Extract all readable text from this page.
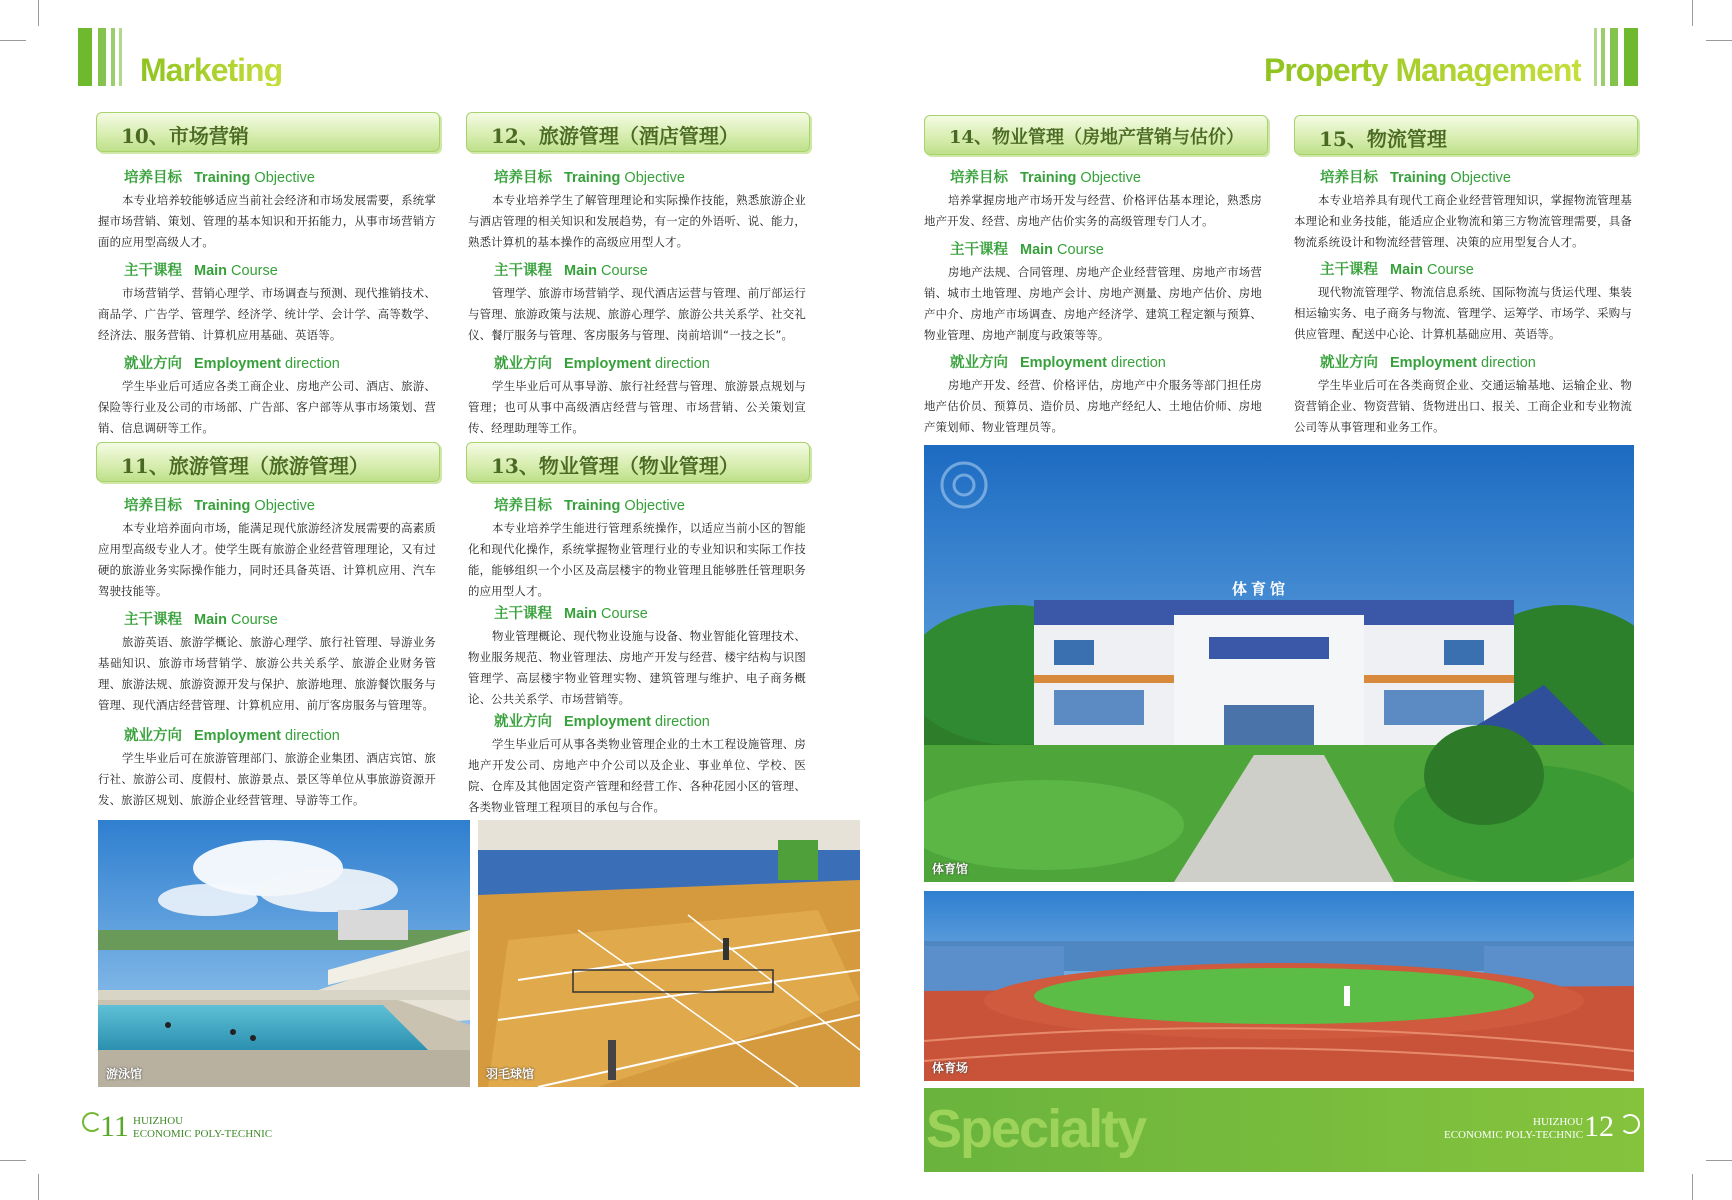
Marketing
10、市场营销
培养目标 Training Objective
本专业培养较能够适应当前社会经济和市场发展需要，系统掌握市场营销、策划、管理的基本知识和开拓能力，从事市场营销方面的应用型高级人才。
主干课程 Main Course
市场营销学、营销心理学、市场调查与预测、现代推销技术、商品学、广告学、管理学、经济学、统计学、会计学、高等数学、经济法、服务营销、计算机应用基础、英语等。
就业方向 Employment direction
学生毕业后可适应各类工商企业、房地产公司、酒店、旅游、保险等行业及公司的市场部、广告部、客户部等从事市场策划、营销、信息调研等工作。
12、旅游管理（酒店管理）
培养目标 Training Objective
本专业培养学生了解管理理论和实际操作技能，熟悉旅游企业与酒店管理的相关知识和发展趋势，有一定的外语听、说、能力，熟悉计算机的基本操作的高级应用型人才。
主干课程 Main Course
管理学、旅游市场营销学、现代酒店运营与管理、前厅部运行与管理、旅游政策与法规、旅游心理学、旅游公共关系学、社交礼仪、餐厅服务与管理、客房服务与管理、岗前培训“一技之长”。
就业方向 Employment direction
学生毕业后可从事导游、旅行社经营与管理、旅游景点规划与管理；也可从事中高级酒店经营与管理、市场营销、公关策划宣传、经理助理等工作。
11、旅游管理（旅游管理）
培养目标 Training Objective
本专业培养面向市场，能满足现代旅游经济发展需要的高素质应用型高级专业人才。使学生既有旅游企业经营管理理论，又有过硬的旅游业务实际操作能力，同时还具备英语、计算机应用、汽车驾驶技能等。
主干课程 Main Course
旅游英语、旅游学概论、旅游心理学、旅行社管理、导游业务基础知识、旅游市场营销学、旅游公共关系学、旅游企业财务管理、旅游法规、旅游资源开发与保护、旅游地理、旅游餐饮服务与管理、现代酒店经营管理、计算机应用、前厅客房服务与管理等。
就业方向 Employment direction
学生毕业后可在旅游管理部门、旅游企业集团、酒店宾馆、旅行社、旅游公司、度假村、旅游景点、景区等单位从事旅游资源开发、旅游区规划、旅游企业经营管理、导游等工作。
13、物业管理（物业管理）
培养目标 Training Objective
本专业培养学生能进行管理系统操作，以适应当前小区的智能化和现代化操作，系统掌握物业管理行业的专业知识和实际工作技能，能够组织一个小区及高层楼宇的物业管理且能够胜任管理职务的应用型人才。
主干课程 Main Course
物业管理概论、现代物业设施与设备、物业智能化管理技术、物业服务规范、物业管理法、房地产开发与经营、楼宇结构与识图管理学、高层楼宇物业管理实物、建筑管理与维护、电子商务概论、公共关系学、市场营销等。
就业方向 Employment direction
学生毕业后可从事各类物业管理企业的土木工程设施管理、房地产开发公司、房地产中介公司以及企业、事业单位、学校、医院、仓库及其他固定资产管理和经营工作、各种花园小区的管理、各类物业管理工程项目的承包与合作。
游泳馆	羽毛球馆
11 HUIZHOU
ECONOMIC POLY-TECHNIC
Property Management
14、物业管理（房地产营销与估价）
培养目标 Training Objective
培养掌握房地产市场开发与经营、价格评估基本理论，熟悉房地产开发、经营、房地产估价实务的高级管理专门人才。
主干课程 Main Course
房地产法规、合同管理、房地产企业经营管理、房地产市场营销、城市土地管理、房地产会计、房地产测量、房地产估价、房地产中介、房地产市场调查、房地产经济学、建筑工程定额与预算、物业管理、房地产制度与政策等等。
就业方向 Employment direction
房地产开发、经营、价格评估，房地产中介服务等部门担任房地产估价员、预算员、造价员、房地产经纪人、土地估价师、房地产策划师、物业管理员等。
15、物流管理
培养目标 Training Objective
本专业培养具有现代工商企业经营管理知识，掌握物流管理基本理论和业务技能，能适应企业物流和第三方物流管理需要，具备物流系统设计和物流经营管理、决策的应用型复合人才。
主干课程 Main Course
现代物流管理学、物流信息系统、国际物流与货运代理、集装相运输实务、电子商务与物流、管理学、运筹学、市场学、采购与供应管理、配送中心论、计算机基础应用、英语等。
就业方向 Employment direction
学生毕业后可在各类商贸企业、交通运输基地、运输企业、物资营销企业、物资营销、货物进出口、报关、工商企业和专业物流公司等从事管理和业务工作。
体育馆
体育馆
体育场
Specialty	HUIZHOU
ECONOMIC POLY-TECHNIC 12
